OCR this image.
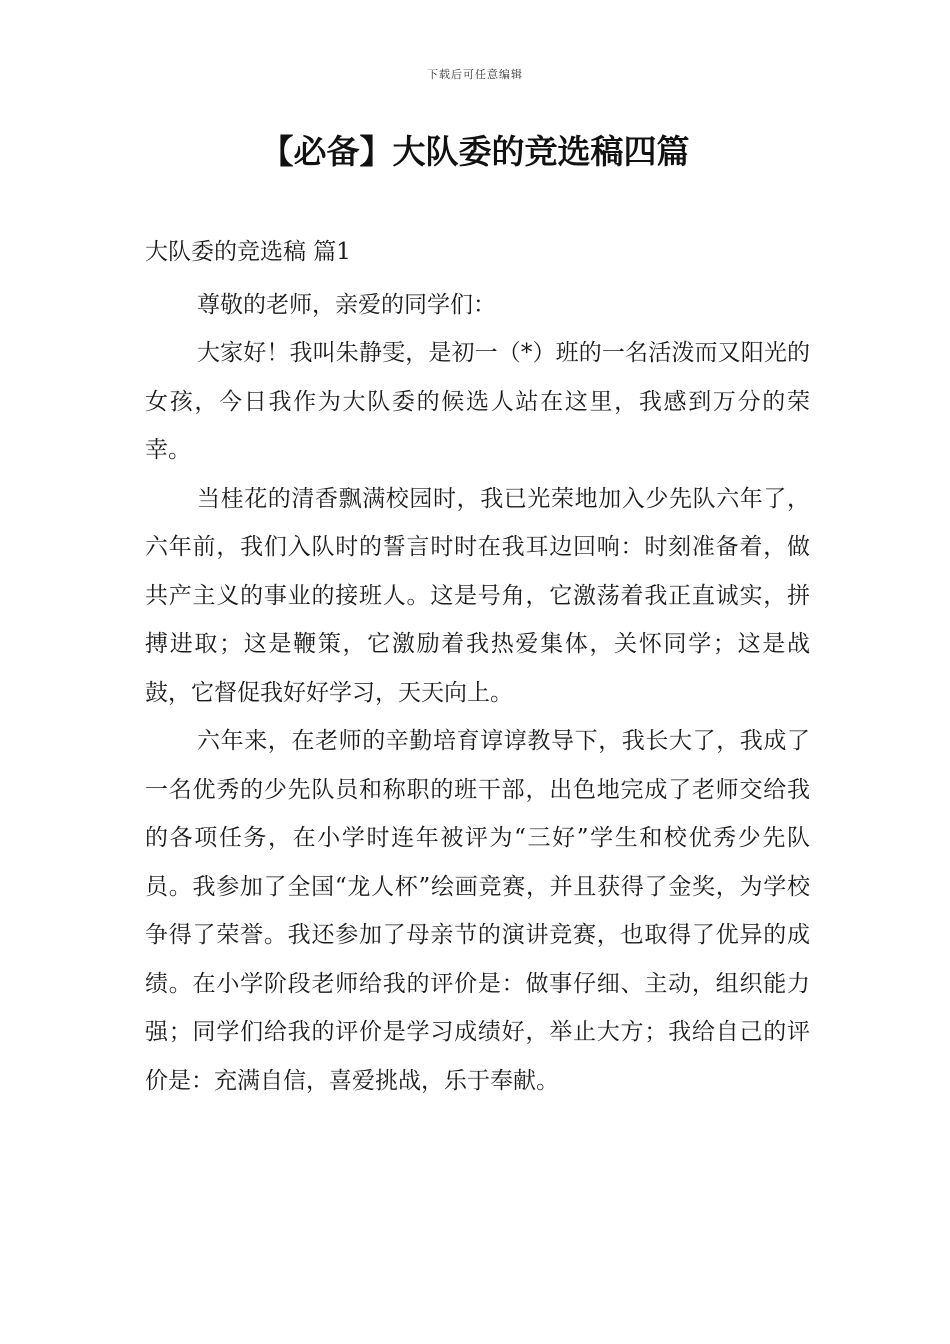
下载后可任意编辑
【必备】大队委的竞选稿四篇

大队委的竞选稿 篇1

尊敬的老师，亲爱的同学们：

大家好！我叫朱静雯，是初一（*）班的一名活泼而又阳光的女孩，今日我作为大队委的候选人站在这里，我感到万分的荣幸。

当桂花的清香飘满校园时，我已光荣地加入少先队六年了，六年前，我们入队时的誓言时时在我耳边回响：时刻准备着，做共产主义的事业的接班人。这是号角，它激荡着我正直诚实，拼搏进取；这是鞭策，它激励着我热爱集体，关怀同学；这是战鼓，它督促我好好学习，天天向上。

六年来，在老师的辛勤培育谆谆教导下，我长大了，我成了一名优秀的少先队员和称职的班干部，出色地完成了老师交给我的各项任务，在小学时连年被评为“三好”学生和校优秀少先队员。我参加了全国“龙人杯”绘画竞赛，并且获得了金奖，为学校争得了荣誉。我还参加了母亲节的演讲竞赛，也取得了优异的成绩。在小学阶段老师给我的评价是：做事仔细、主动，组织能力强；同学们给我的评价是学习成绩好，举止大方；我给自己的评价是：充满自信，喜爱挑战，乐于奉献。
